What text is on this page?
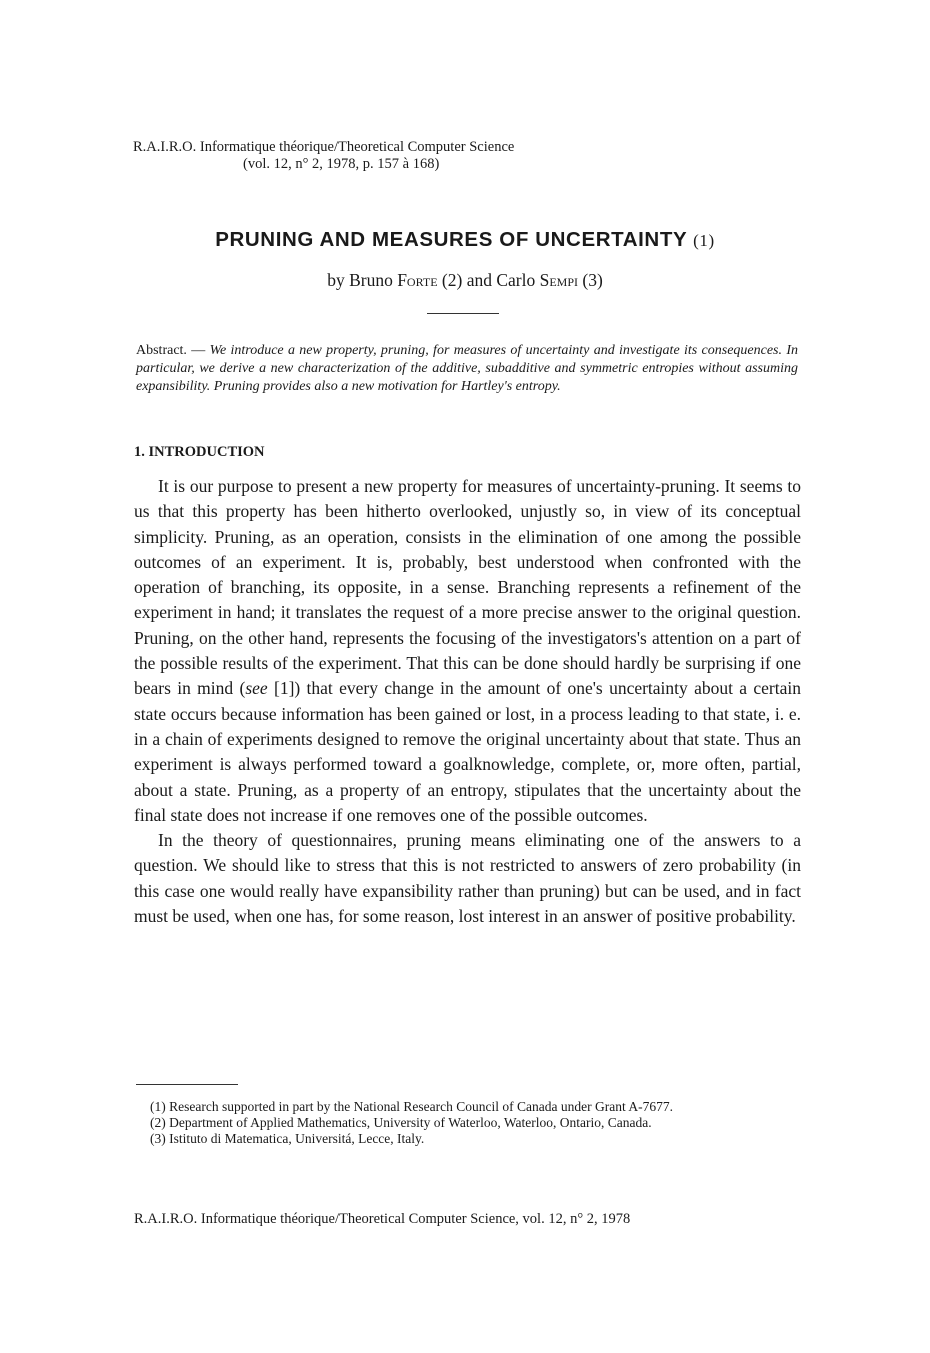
R.A.I.R.O. Informatique théorique/Theoretical Computer Science
(vol. 12, n° 2, 1978, p. 157 à 168)
PRUNING AND MEASURES OF UNCERTAINTY (1)
by Bruno Forte (2) and Carlo Sempi (3)
Abstract. — We introduce a new property, pruning, for measures of uncertainty and investigate its consequences. In particular, we derive a new characterization of the additive, subadditive and symmetric entropies without assuming expansibility. Pruning provides also a new motivation for Hartley's entropy.
1. INTRODUCTION

It is our purpose to present a new property for measures of uncertainty-pruning. It seems to us that this property has been hitherto overlooked, unjustly so, in view of its conceptual simplicity. Pruning, as an operation, consists in the elimination of one among the possible outcomes of an experiment. It is, probably, best understood when confronted with the operation of branching, its opposite, in a sense. Branching represents a refinement of the experiment in hand; it translates the request of a more precise answer to the original question. Pruning, on the other hand, represents the focusing of the investigators's attention on a part of the possible results of the experiment. That this can be done should hardly be surprising if one bears in mind (see [1]) that every change in the amount of one's uncertainty about a certain state occurs because information has been gained or lost, in a process leading to that state, i. e. in a chain of experiments designed to remove the original uncertainty about that state. Thus an experiment is always performed toward a goalknowledge, complete, or, more often, partial, about a state. Pruning, as a property of an entropy, stipulates that the uncertainty about the final state does not increase if one removes one of the possible outcomes.

In the theory of questionnaires, pruning means eliminating one of the answers to a question. We should like to stress that this is not restricted to answers of zero probability (in this case one would really have expansibility rather than pruning) but can be used, and in fact must be used, when one has, for some reason, lost interest in an answer of positive probability.

(1) Research supported in part by the National Research Council of Canada under Grant A-7677.

(2) Department of Applied Mathematics, University of Waterloo, Waterloo, Ontario, Canada.

(3) Istituto di Matematica, Universitá, Lecce, Italy.

R.A.I.R.O. Informatique théorique/Theoretical Computer Science, vol. 12, n° 2, 1978
